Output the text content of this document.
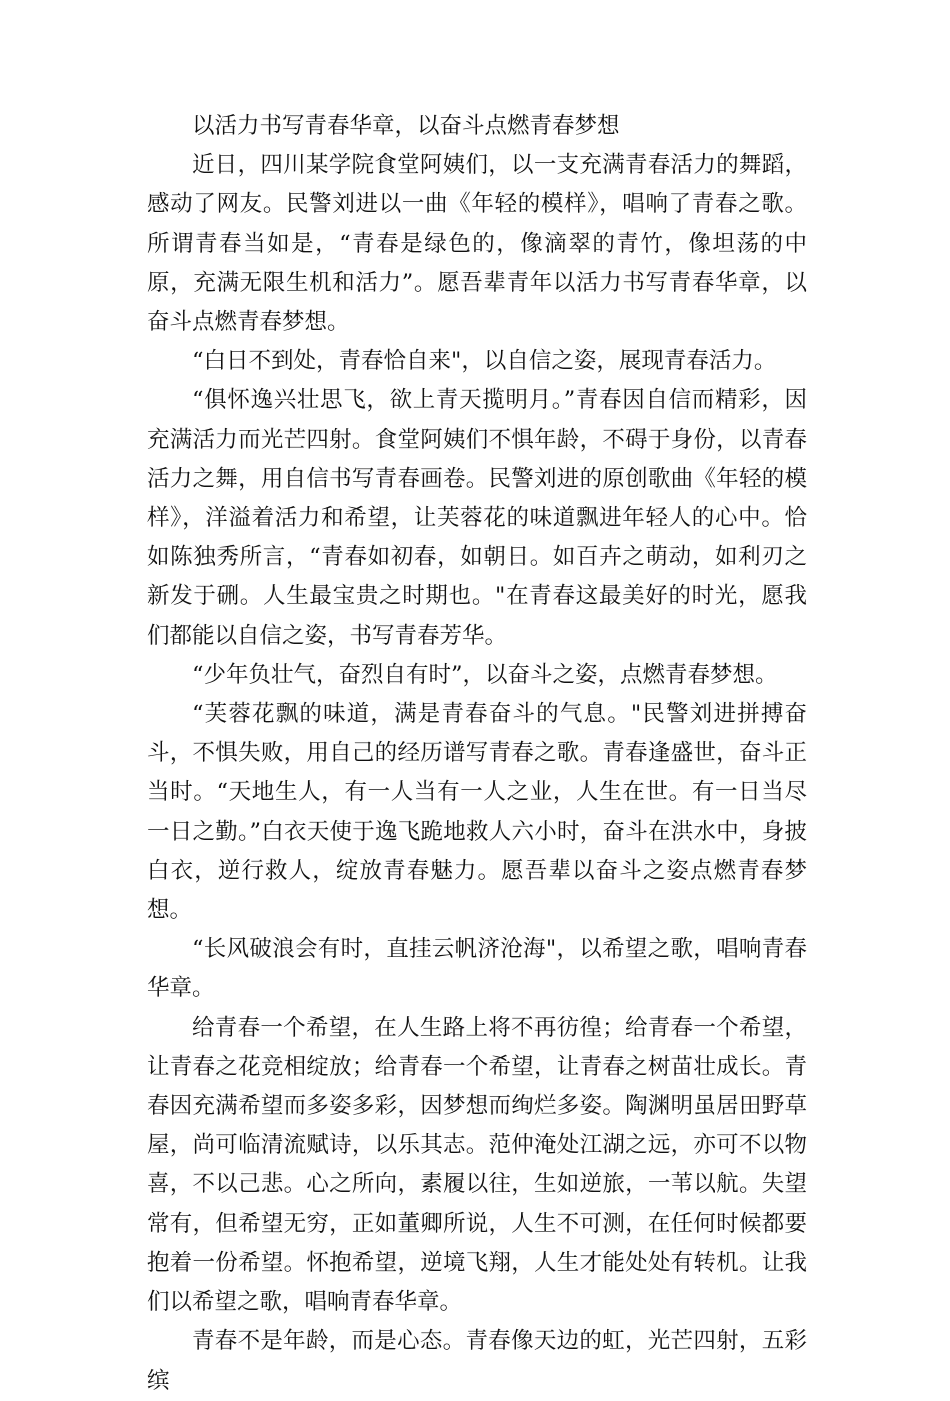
以活力书写青春华章，以奋斗点燃青春梦想

近日，四川某学院食堂阿姨们，以一支充满青春活力的舞蹈，感动了网友。民警刘进以一曲《年轻的模样》，唱响了青春之歌。所谓青春当如是，“青春是绿色的，像滴翠的青竹，像坦荡的中原，充满无限生机和活力”。愿吾辈青年以活力书写青春华章，以奋斗点燃青春梦想。

“白日不到处，青春恰自来"，以自信之姿，展现青春活力。

“俱怀逸兴壮思飞，欲上青天揽明月。”青春因自信而精彩，因充满活力而光芒四射。食堂阿姨们不惧年龄，不碍于身份，以青春活力之舞，用自信书写青春画卷。民警刘进的原创歌曲《年轻的模样》，洋溢着活力和希望，让芙蓉花的味道飘进年轻人的心中。恰如陈独秀所言，“青春如初春，如朝日。如百卉之萌动，如利刃之新发于硎。人生最宝贵之时期也。"在青春这最美好的时光，愿我们都能以自信之姿，书写青春芳华。

“少年负壮气，奋烈自有时”，以奋斗之姿，点燃青春梦想。

“芙蓉花飘的味道，满是青春奋斗的气息。"民警刘进拼搏奋斗，不惧失败，用自己的经历谱写青春之歌。青春逢盛世，奋斗正当时。“天地生人，有一人当有一人之业，人生在世。有一日当尽一日之勤。”白衣天使于逸飞跪地救人六小时，奋斗在洪水中，身披白衣，逆行救人，绽放青春魅力。愿吾辈以奋斗之姿点燃青春梦想。

“长风破浪会有时，直挂云帆济沧海"，以希望之歌，唱响青春华章。

给青春一个希望，在人生路上将不再彷徨；给青春一个希望，让青春之花竞相绽放；给青春一个希望，让青春之树苗壮成长。青春因充满希望而多姿多彩，因梦想而绚烂多姿。陶渊明虽居田野草屋，尚可临清流赋诗，以乐其志。范仲淹处江湖之远，亦可不以物喜，不以己悲。心之所向，素履以往，生如逆旅，一苇以航。失望常有，但希望无穷，正如董卿所说，人生不可测，在任何时候都要抱着一份希望。怀抱希望，逆境飞翔，人生才能处处有转机。让我们以希望之歌，唱响青春华章。

青春不是年龄，而是心态。青春像天边的虹，光芒四射，五彩缤
